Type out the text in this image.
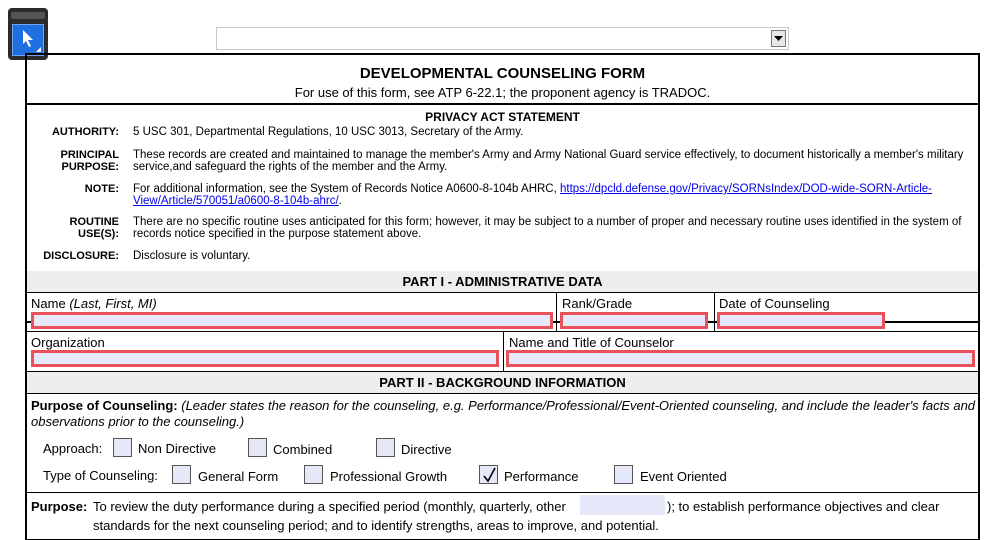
DEVELOPMENTAL COUNSELING FORM
For use of this form, see ATP 6-22.1; the proponent agency is TRADOC.
PRIVACY ACT STATEMENT
AUTHORITY: 5 USC 301, Departmental Regulations, 10 USC 3013, Secretary of the Army.
PRINCIPAL
PURPOSE:
These records are created and maintained to manage the member's Army and Army National Guard service effectively, to document historically a member's military service,and safeguard the rights of the member and the Army.
NOTE: For additional information, see the System of Records Notice A0600-8-104b AHRC, https://dpcld.defense.gov/Privacy/SORNsIndex/DOD-wide-SORN-Article-View/Article/570051/a0600-8-104b-ahrc/.
ROUTINE USE(S):
There are no specific routine uses anticipated for this form; however, it may be subject to a number of proper and necessary routine uses identified in the system of records notice specified in the purpose statement above.
DISCLOSURE: Disclosure is voluntary.
PART I - ADMINISTRATIVE DATA
Name (Last, First, MI)	Rank/Grade	Date of Counseling
Organization	Name and Title of Counselor
PART II - BACKGROUND INFORMATION
Purpose of Counseling: (Leader states the reason for the counseling, e.g. Performance/Professional/Event-Oriented counseling, and include the leader's facts and observations prior to the counseling.)
Approach:	Non Directive	Combined	Directive
Type of Counseling:	General Form	Professional Growth	Performance	Event Oriented
Purpose: To review the duty performance during a specified period (monthly, quarterly, other	); to establish performance objectives and clear
standards for the next counseling period; and to identify strengths, areas to improve, and potential.
